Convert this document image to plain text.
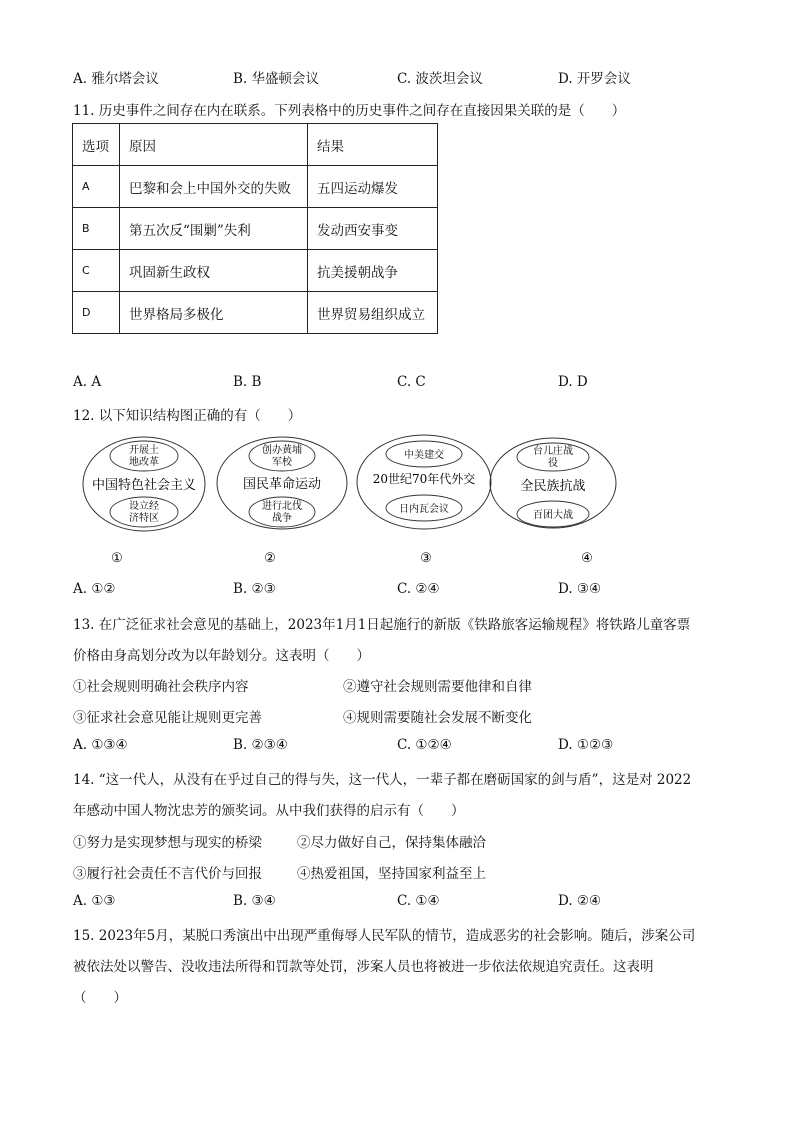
A. 雅尔塔会议	B. 华盛顿会议	C. 波茨坦会议	D. 开罗会议
11. 历史事件之间存在内在联系。下列表格中的历史事件之间存在直接因果关联的是（　　）
选项	原因	结果
A	巴黎和会上中国外交的失败	五四运动爆发
B	第五次反“围剿”失利	发动西安事变
C	巩固新生政权	抗美援朝战争
D	世界格局多极化	世界贸易组织成立
A. A	B. B	C. C	D. D
12. 以下知识结构图正确的有（　　）
开展土
地改革
中国特色社会主义
设立经
济特区
①
创办黄埔
军校
国民革命运动
进行北伐
战争
②
中美建交
20世纪70年代外交
日内瓦会议
③
台儿庄战
役
全民族抗战
百团大战
④
A. ①②	B. ②③	C. ②④	D. ③④
13. 在广泛征求社会意见的基础上，2023年1月1日起施行的新版《铁路旅客运输规程》将铁路儿童客票
价格由身高划分改为以年龄划分。这表明（　　）
①社会规则明确社会秩序内容	②遵守社会规则需要他律和自律
③征求社会意见能让规则更完善	④规则需要随社会发展不断变化
A. ①③④	B. ②③④	C. ①②④	D. ①②③
14. “这一代人，从没有在乎过自己的得与失，这一代人，一辈子都在磨砺国家的剑与盾”，这是对 2022
年感动中国人物沈忠芳的颁奖词。从中我们获得的启示有（　　）
①努力是实现梦想与现实的桥梁	②尽力做好自己，保持集体融洽
③履行社会责任不言代价与回报	④热爱祖国，坚持国家利益至上
A. ①③	B. ③④	C. ①④	D. ②④
15. 2023年5月，某脱口秀演出中出现严重侮辱人民军队的情节，造成恶劣的社会影响。随后，涉案公司
被依法处以警告、没收违法所得和罚款等处罚，涉案人员也将被进一步依法依规追究责任。这表明
（　　）
